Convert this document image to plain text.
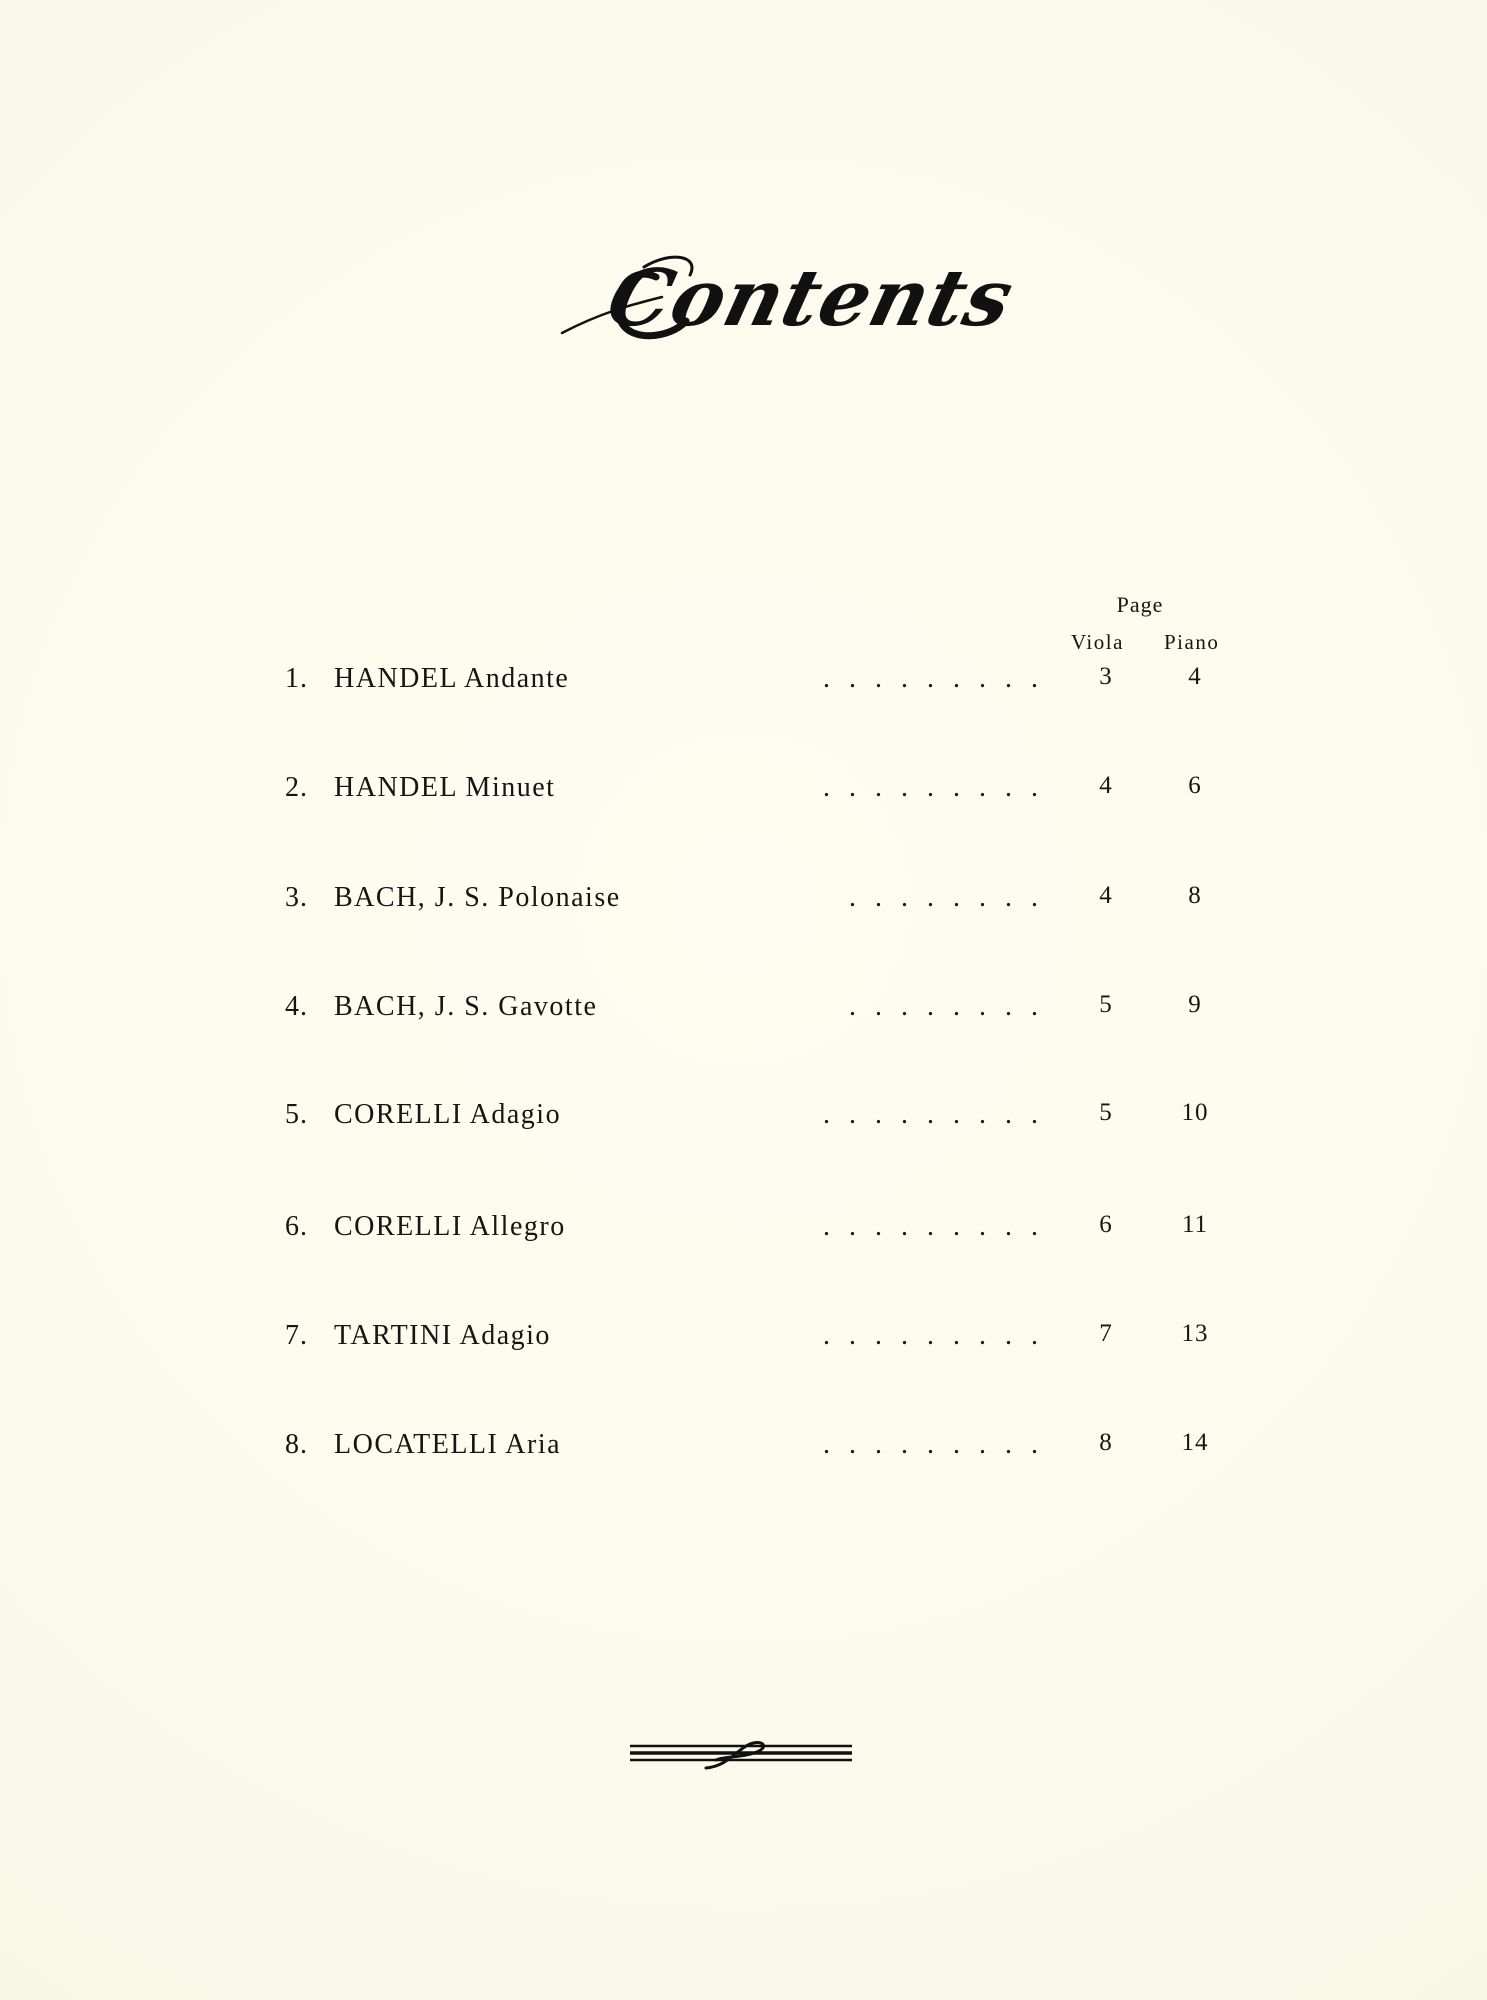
Contents
Page
Viola Piano
1. HANDEL Andante	......... 3	4
2. HANDEL Minuet	......... 4	6
3. BACH, J. S. Polonaise	........ 4	8
4. BACH, J. S. Gavotte	........ 5	9
5. CORELLI Adagio	......... 5	10
6. CORELLI Allegro	......... 6	11
7. TARTINI Adagio	......... 7	13
8. LOCATELLI Aria	......... 8	14
